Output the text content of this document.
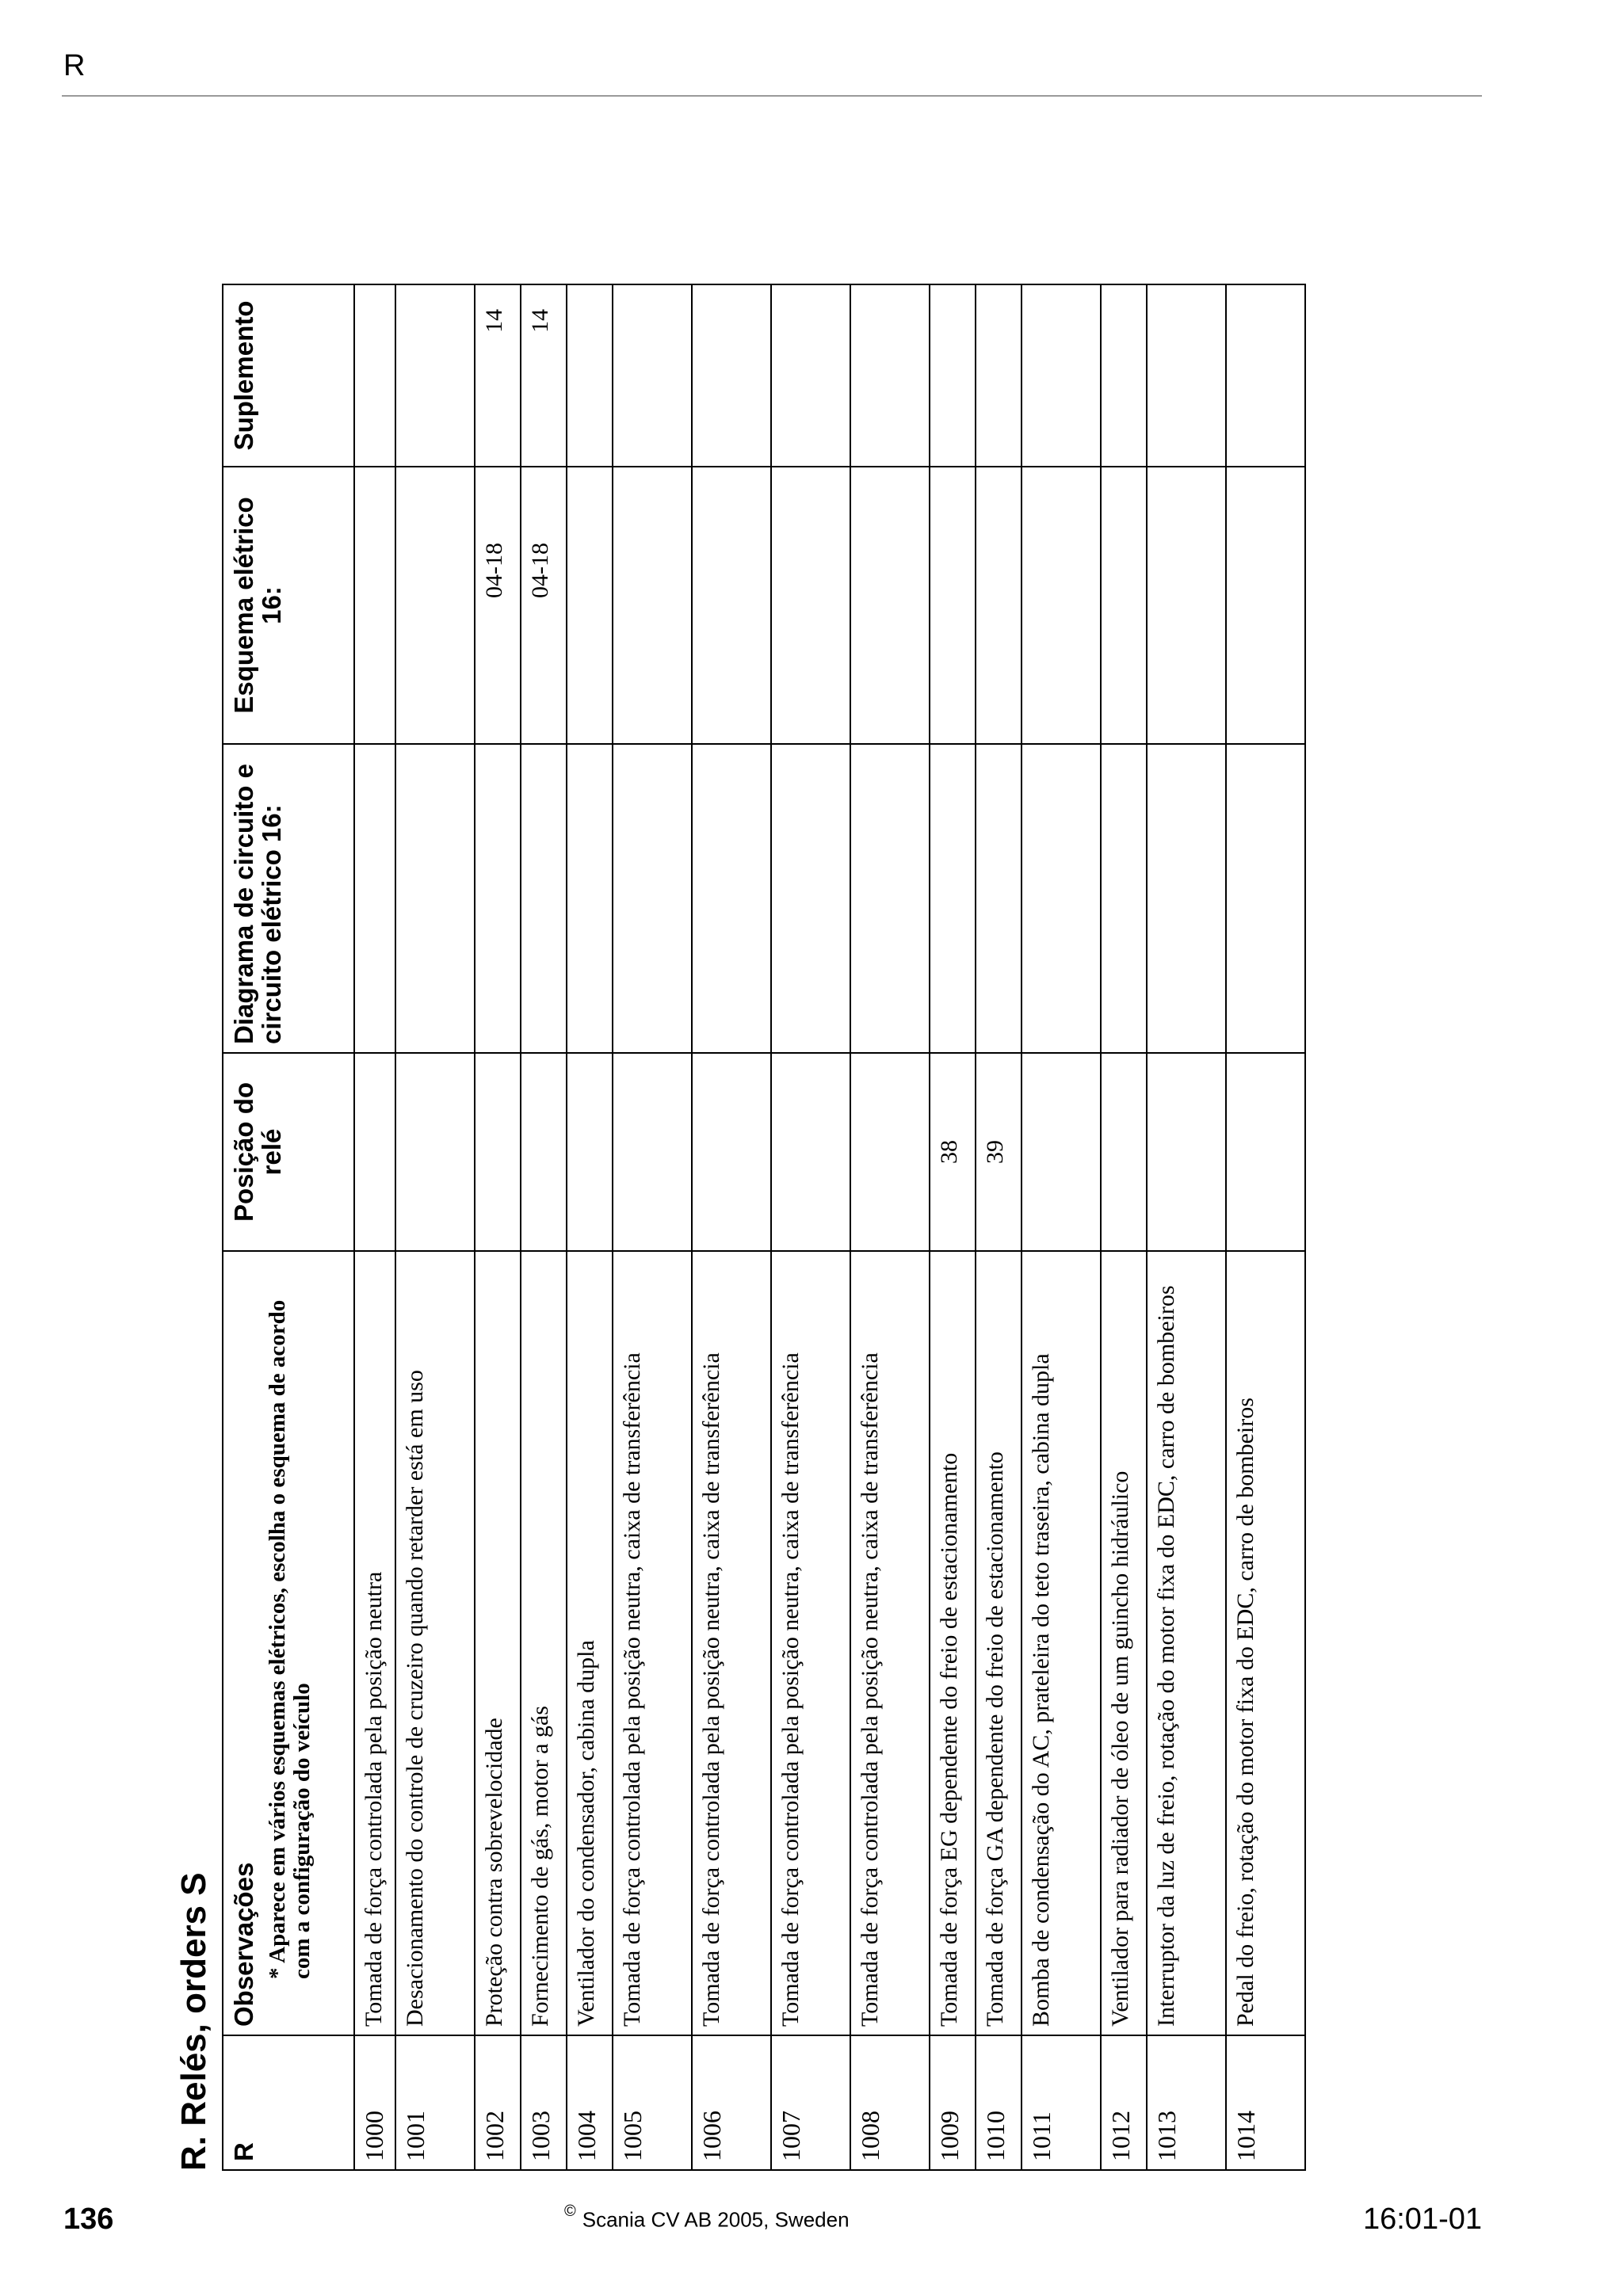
R
R. Relés, orders S R	Observações * Aparece em vários esquemas elétricos, escolha o esquema de acordo com a configuração do veículo	Posição do relé	Diagrama de circuito e circuito elétrico 16:	Esquema elétrico 16:	Suplemento
1000	Tomada de força controlada pela posição neutra				
1001	Desacionamento do controle de cruzeiro quando retarder está em uso				
1002	Proteção contra sobrevelocidade			04-18	14
1003	Fornecimento de gás, motor a gás			04-18	14
1004	Ventilador do condensador, cabina dupla				
1005	Tomada de força controlada pela posição neutra, caixa de transferência				
1006	Tomada de força controlada pela posição neutra, caixa de transferência				
1007	Tomada de força controlada pela posição neutra, caixa de transferência				
1008	Tomada de força controlada pela posição neutra, caixa de transferência				
1009	Tomada de força EG dependente do freio de estacionamento	38			
1010	Tomada de força GA dependente do freio de estacionamento	39			
1011	Bomba de condensação do AC, prateleira do teto traseira, cabina dupla				
1012	Ventilador para radiador de óleo de um guincho hidráulico				
1013	Interruptor da luz de freio, rotação do motor fixa do EDC, carro de bombeiros				
1014	Pedal do freio, rotação do motor fixa do EDC, carro de bombeiros				
136	© Scania CV AB 2005, Sweden	16:01-01
